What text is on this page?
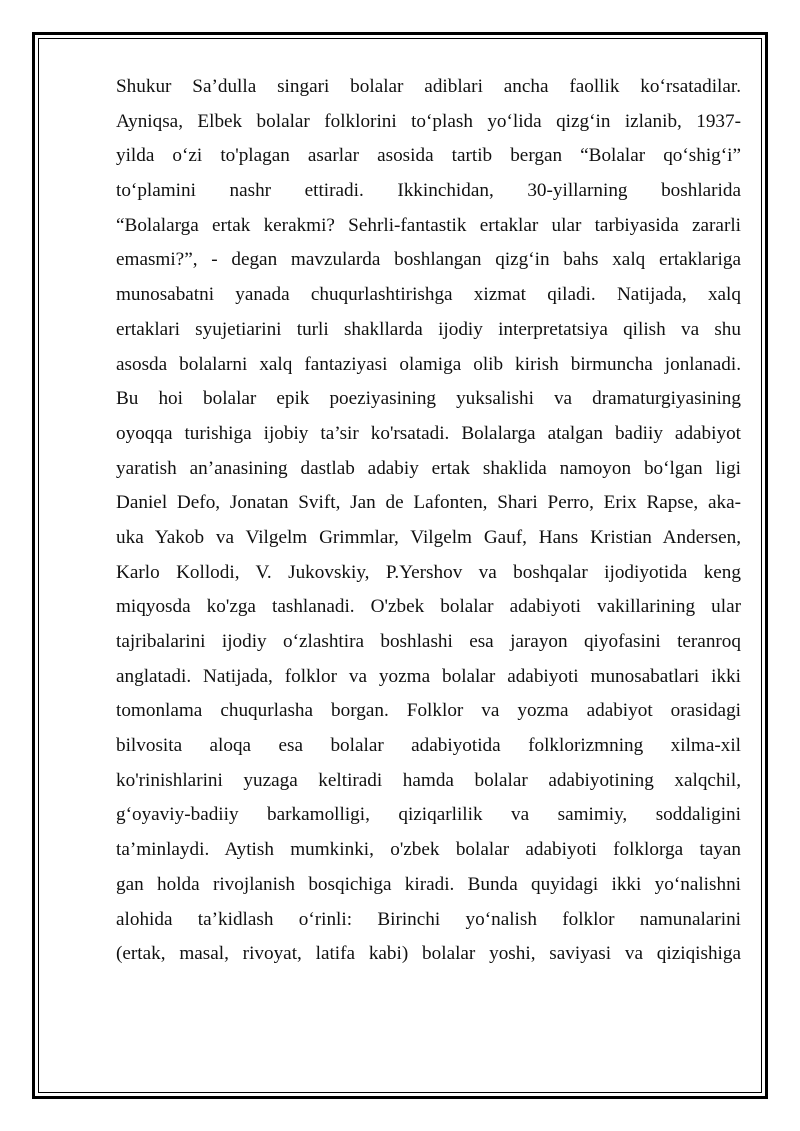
Shukur Sa’dulla singari bolalar adiblari ancha faollik ko‘rsatadilar.
Ayniqsa, Elbek bolalar folklorini to‘plash yo‘lida qizg‘in izlanib, 1937-
yilda o‘zi to'plagan asarlar asosida tartib bergan “Bolalar qo‘shig‘i”
to‘plamini nashr ettiradi. Ikkinchidan, 30-yillarning boshlarida
“Bolalarga ertak kerakmi? Sehrli-fantastik ertaklar ular tarbiyasida zararli
emasmi?”, - degan mavzularda boshlangan qizg‘in bahs xalq ertaklariga
munosabatni yanada chuqurlashtirishga xizmat qiladi. Natijada, xalq
ertaklari syujetiarini turli shakllarda ijodiy interpretatsiya qilish va shu
asosda bolalarni xalq fantaziyasi olamiga olib kirish birmuncha jonlanadi.
Bu hoi bolalar epik poeziyasining yuksalishi va dramaturgiyasining
oyoqqa turishiga ijobiy ta’sir ko'rsatadi. Bolalarga atalgan badiiy adabiyot
yaratish an’anasining dastlab adabiy ertak shaklida namoyon bo‘lgan ligi
Daniel Defo, Jonatan Svift, Jan de Lafonten, Shari Perro, Erix Rapse, aka-
uka Yakob va Vilgelm Grimmlar, Vilgelm Gauf, Hans Kristian Andersen,
Karlo Kollodi, V. Jukovskiy, P.Yershov va boshqalar ijodiyotida keng
miqyosda ko'zga tashlanadi. O'zbek bolalar adabiyoti vakillarining ular
tajribalarini ijodiy o‘zlashtira boshlashi esa jarayon qiyofasini teranroq
anglatadi. Natijada, folklor va yozma bolalar adabiyoti munosabatlari ikki
tomonlama chuqurlasha borgan. Folklor va yozma adabiyot orasidagi
bilvosita aloqa esa bolalar adabiyotida folklorizmning xilma-xil
ko'rinishlarini yuzaga keltiradi hamda bolalar adabiyotining xalqchil,
g‘oyaviy-badiiy barkamolligi, qiziqarlilik va samimiy, soddaligini
ta’minlaydi. Aytish mumkinki, o'zbek bolalar adabiyoti folklorga tayan
gan holda rivojlanish bosqichiga kiradi. Bunda quyidagi ikki yo‘nalishni
alohida ta’kidlash o‘rinli: Birinchi yo‘nalish folklor namunalarini
(ertak, masal, rivoyat, latifa kabi) bolalar yoshi, saviyasi va qiziqishiga
